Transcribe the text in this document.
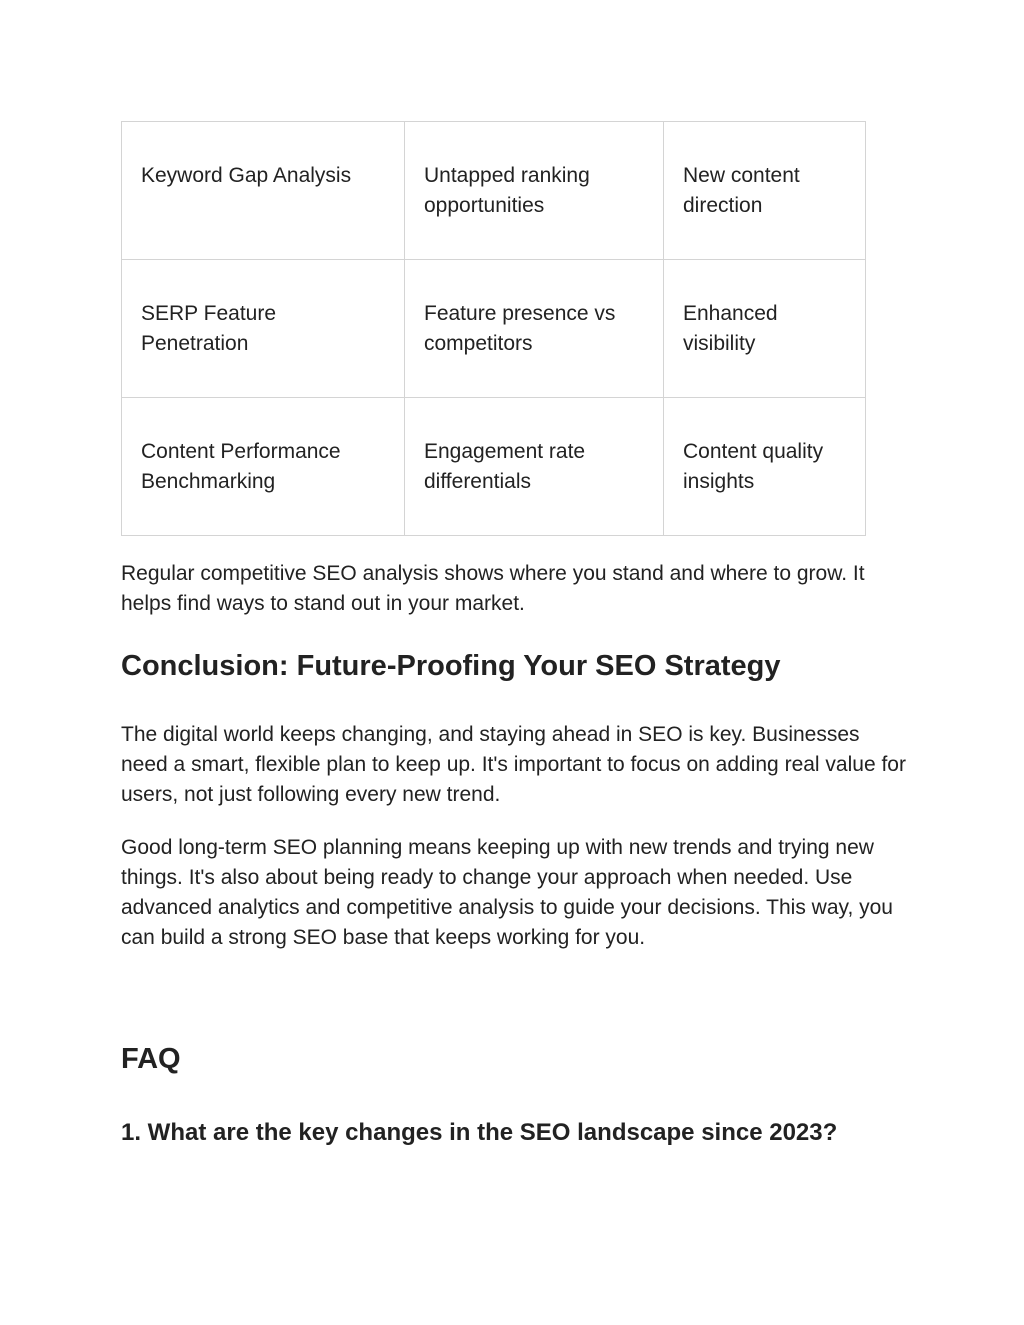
Keyword Gap Analysis	Untapped ranking opportunities	New content direction

SERP Feature Penetration	Feature presence vs competitors	Enhanced visibility

Content Performance Benchmarking	Engagement rate differentials	Content quality insights

Regular competitive SEO analysis shows where you stand and where to grow. It helps find ways to stand out in your market.

Conclusion: Future-Proofing Your SEO Strategy

The digital world keeps changing, and staying ahead in SEO is key. Businesses need a smart, flexible plan to keep up. It's important to focus on adding real value for users, not just following every new trend.

Good long-term SEO planning means keeping up with new trends and trying new things. It's also about being ready to change your approach when needed. Use advanced analytics and competitive analysis to guide your decisions. This way, you can build a strong SEO base that keeps working for you.

FAQ
1. What are the key changes in the SEO landscape since 2023?
